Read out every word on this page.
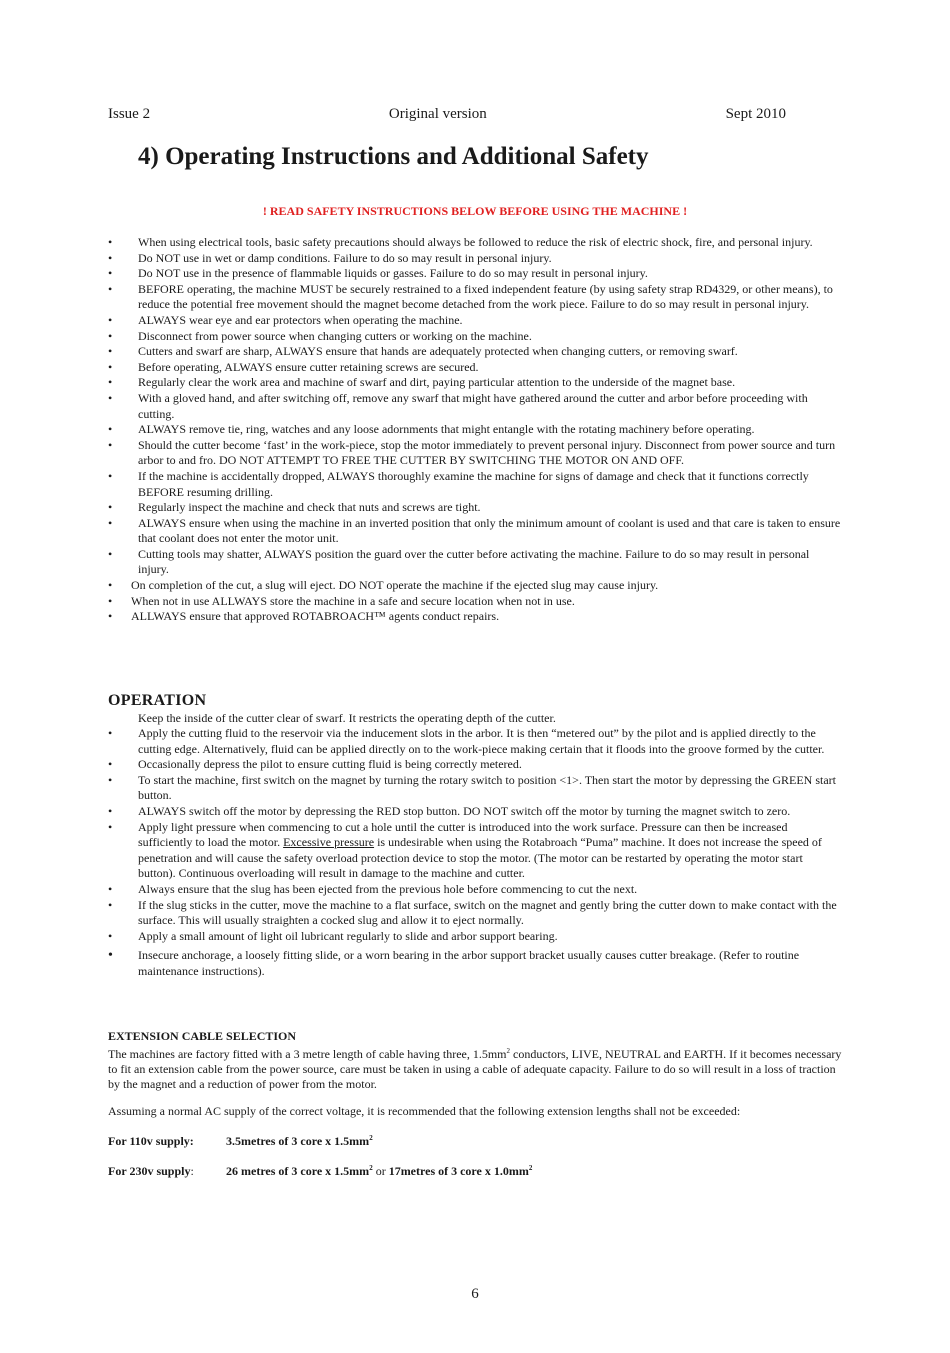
Issue 2	Original version	Sept 2010
4) Operating Instructions and Additional Safety
! READ SAFETY INSTRUCTIONS BELOW BEFORE USING THE MACHINE !
• When using electrical tools, basic safety precautions should always be followed to reduce the risk of electric shock, fire, and personal injury.
• Do NOT use in wet or damp conditions. Failure to do so may result in personal injury.
• Do NOT use in the presence of flammable liquids or gasses. Failure to do so may result in personal injury.
• BEFORE operating, the machine MUST be securely restrained to a fixed independent feature (by using safety strap RD4329, or other means), to reduce the potential free movement should the magnet become detached from the work piece. Failure to do so may result in personal injury.
• ALWAYS wear eye and ear protectors when operating the machine.
• Disconnect from power source when changing cutters or working on the machine.
• Cutters and swarf are sharp, ALWAYS ensure that hands are adequately protected when changing cutters, or removing swarf.
• Before operating, ALWAYS ensure cutter retaining screws are secured.
• Regularly clear the work area and machine of swarf and dirt, paying particular attention to the underside of the magnet base.
• With a gloved hand, and after switching off, remove any swarf that might have gathered around the cutter and arbor before proceeding with cutting.
• ALWAYS remove tie, ring, watches and any loose adornments that might entangle with the rotating machinery before operating.
• Should the cutter become ‘fast’ in the work-piece, stop the motor immediately to prevent personal injury. Disconnect from power source and turn arbor to and fro. DO NOT ATTEMPT TO FREE THE CUTTER BY SWITCHING THE MOTOR ON AND OFF.
• If the machine is accidentally dropped, ALWAYS thoroughly examine the machine for signs of damage and check that it functions correctly BEFORE resuming drilling.
• Regularly inspect the machine and check that nuts and screws are tight.
• ALWAYS ensure when using the machine in an inverted position that only the minimum amount of coolant is used and that care is taken to ensure that coolant does not enter the motor unit.
• Cutting tools may shatter, ALWAYS position the guard over the cutter before activating the machine. Failure to do so may result in personal injury.
• On completion of the cut, a slug will eject. DO NOT operate the machine if the ejected slug may cause injury.
• When not in use ALLWAYS store the machine in a safe and secure location when not in use.
• ALLWAYS ensure that approved ROTABROACH™ agents conduct repairs.
OPERATION
Keep the inside of the cutter clear of swarf. It restricts the operating depth of the cutter.
• Apply the cutting fluid to the reservoir via the inducement slots in the arbor. It is then “metered out” by the pilot and is applied directly to the cutting edge. Alternatively, fluid can be applied directly on to the work-piece making certain that it floods into the groove formed by the cutter.
• Occasionally depress the pilot to ensure cutting fluid is being correctly metered.
• To start the machine, first switch on the magnet by turning the rotary switch to position <1>. Then start the motor by depressing the GREEN start button.
• ALWAYS switch off the motor by depressing the RED stop button. DO NOT switch off the motor by turning the magnet switch to zero.
• Apply light pressure when commencing to cut a hole until the cutter is introduced into the work surface. Pressure can then be increased sufficiently to load the motor. Excessive pressure is undesirable when using the Rotabroach “Puma” machine. It does not increase the speed of penetration and will cause the safety overload protection device to stop the motor. (The motor can be restarted by operating the motor start button). Continuous overloading will result in damage to the machine and cutter.
• Always ensure that the slug has been ejected from the previous hole before commencing to cut the next.
• If the slug sticks in the cutter, move the machine to a flat surface, switch on the magnet and gently bring the cutter down to make contact with the surface. This will usually straighten a cocked slug and allow it to eject normally.
• Apply a small amount of light oil lubricant regularly to slide and arbor support bearing.
• Insecure anchorage, a loosely fitting slide, or a worn bearing in the arbor support bracket usually causes cutter breakage. (Refer to routine maintenance instructions).
EXTENSION CABLE SELECTION

The machines are factory fitted with a 3 metre length of cable having three, $1.5mm^2$ conductors, LIVE, NEUTRAL and EARTH. If it becomes necessary to fit an extension cable from the power source, care must be taken in using a cable of adequate capacity. Failure to do so will result in a loss of traction by the magnet and a reduction of power from the motor.

Assuming a normal AC supply of the correct voltage, it is recommended that the following extension lengths shall not be exceeded:

For 110v supply:	3.5metres of 3 core x $1.5mm^2$
For 230v supply:	26 metres of 3 core x $1.5mm^2$ or 17metres of 3 core x $1.0mm^2$
6
